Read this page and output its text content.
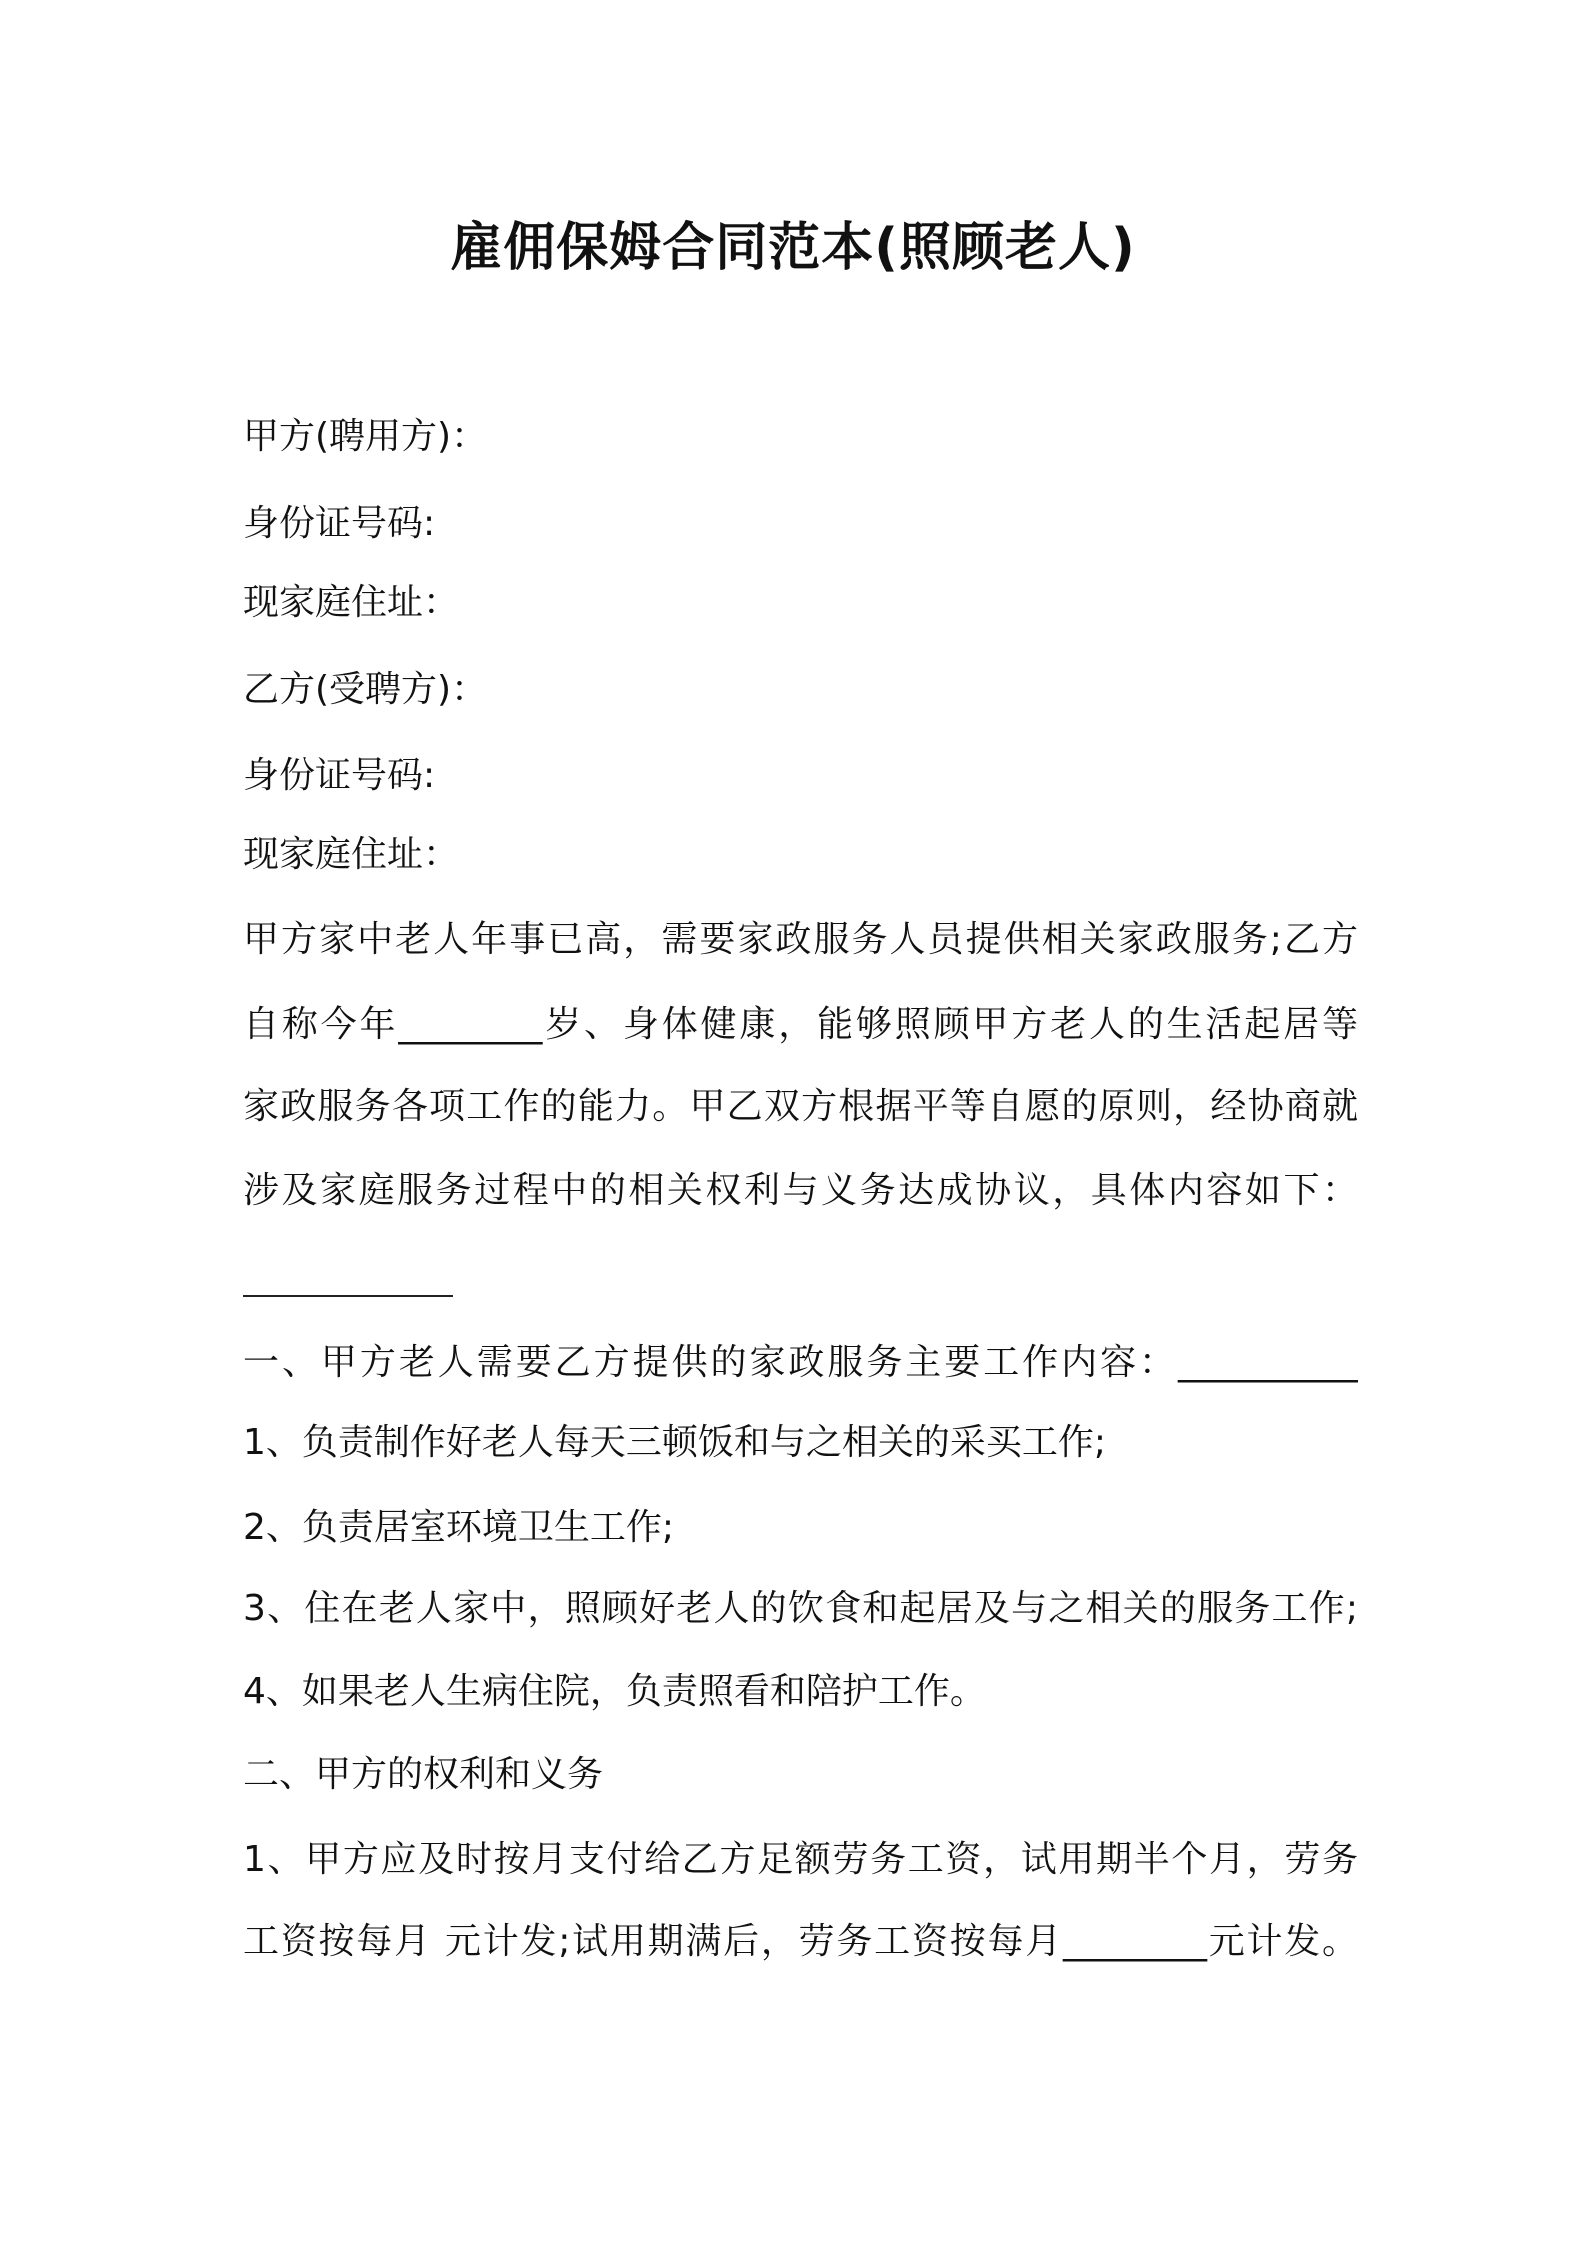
雇佣保姆合同范本(照顾老人)
甲方(聘用方)：
身份证号码:
现家庭住址：
乙方(受聘方)：
身份证号码:
现家庭住址：
甲方家中老人年事已高，需要家政服务人员提供相关家政服务;乙方
自称今年________岁、身体健康，能够照顾甲方老人的生活起居等
家政服务各项工作的能力。甲乙双方根据平等自愿的原则，经协商就
涉及家庭服务过程中的相关权利与义务达成协议，具体内容如下：
一、甲方老人需要乙方提供的家政服务主要工作内容：__________
1、负责制作好老人每天三顿饭和与之相关的采买工作;
2、负责居室环境卫生工作;
3、住在老人家中，照顾好老人的饮食和起居及与之相关的服务工作;
4、如果老人生病住院，负责照看和陪护工作。
二、甲方的权利和义务
1、甲方应及时按月支付给乙方足额劳务工资，试用期半个月，劳务
工资按每月 元计发;试用期满后，劳务工资按每月________元计发。
